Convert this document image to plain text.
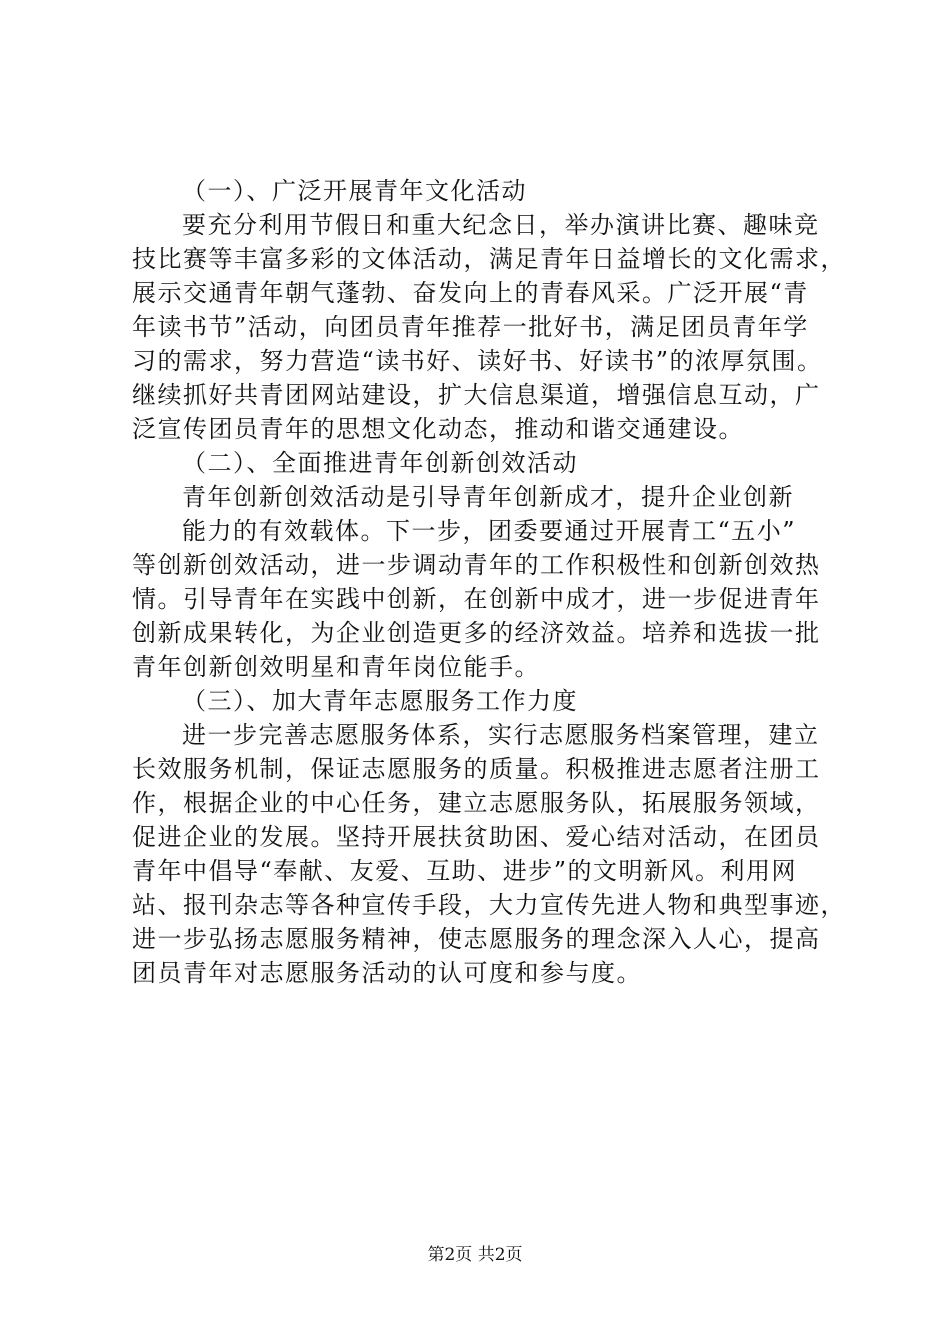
（一）、广泛开展青年文化活动
要充分利用节假日和重大纪念日，举办演讲比赛、趣味竞
技比赛等丰富多彩的文体活动，满足青年日益增长的文化需求，
展示交通青年朝气蓬勃、奋发向上的青春风采。广泛开展“青
年读书节”活动，向团员青年推荐一批好书，满足团员青年学
习的需求，努力营造“读书好、读好书、好读书”的浓厚氛围。
继续抓好共青团网站建设，扩大信息渠道，增强信息互动，广
泛宣传团员青年的思想文化动态，推动和谐交通建设。
（二）、全面推进青年创新创效活动
青年创新创效活动是引导青年创新成才，提升企业创新
能力的有效载体。下一步，团委要通过开展青工“五小”
等创新创效活动，进一步调动青年的工作积极性和创新创效热
情。引导青年在实践中创新，在创新中成才，进一步促进青年
创新成果转化，为企业创造更多的经济效益。培养和选拔一批
青年创新创效明星和青年岗位能手。
（三）、加大青年志愿服务工作力度
进一步完善志愿服务体系，实行志愿服务档案管理，建立
长效服务机制，保证志愿服务的质量。积极推进志愿者注册工
作，根据企业的中心任务，建立志愿服务队，拓展服务领域，
促进企业的发展。坚持开展扶贫助困、爱心结对活动，在团员
青年中倡导“奉献、友爱、互助、进步”的文明新风。利用网
站、报刊杂志等各种宣传手段，大力宣传先进人物和典型事迹，
进一步弘扬志愿服务精神，使志愿服务的理念深入人心，提高
团员青年对志愿服务活动的认可度和参与度。
第2页 共2页
